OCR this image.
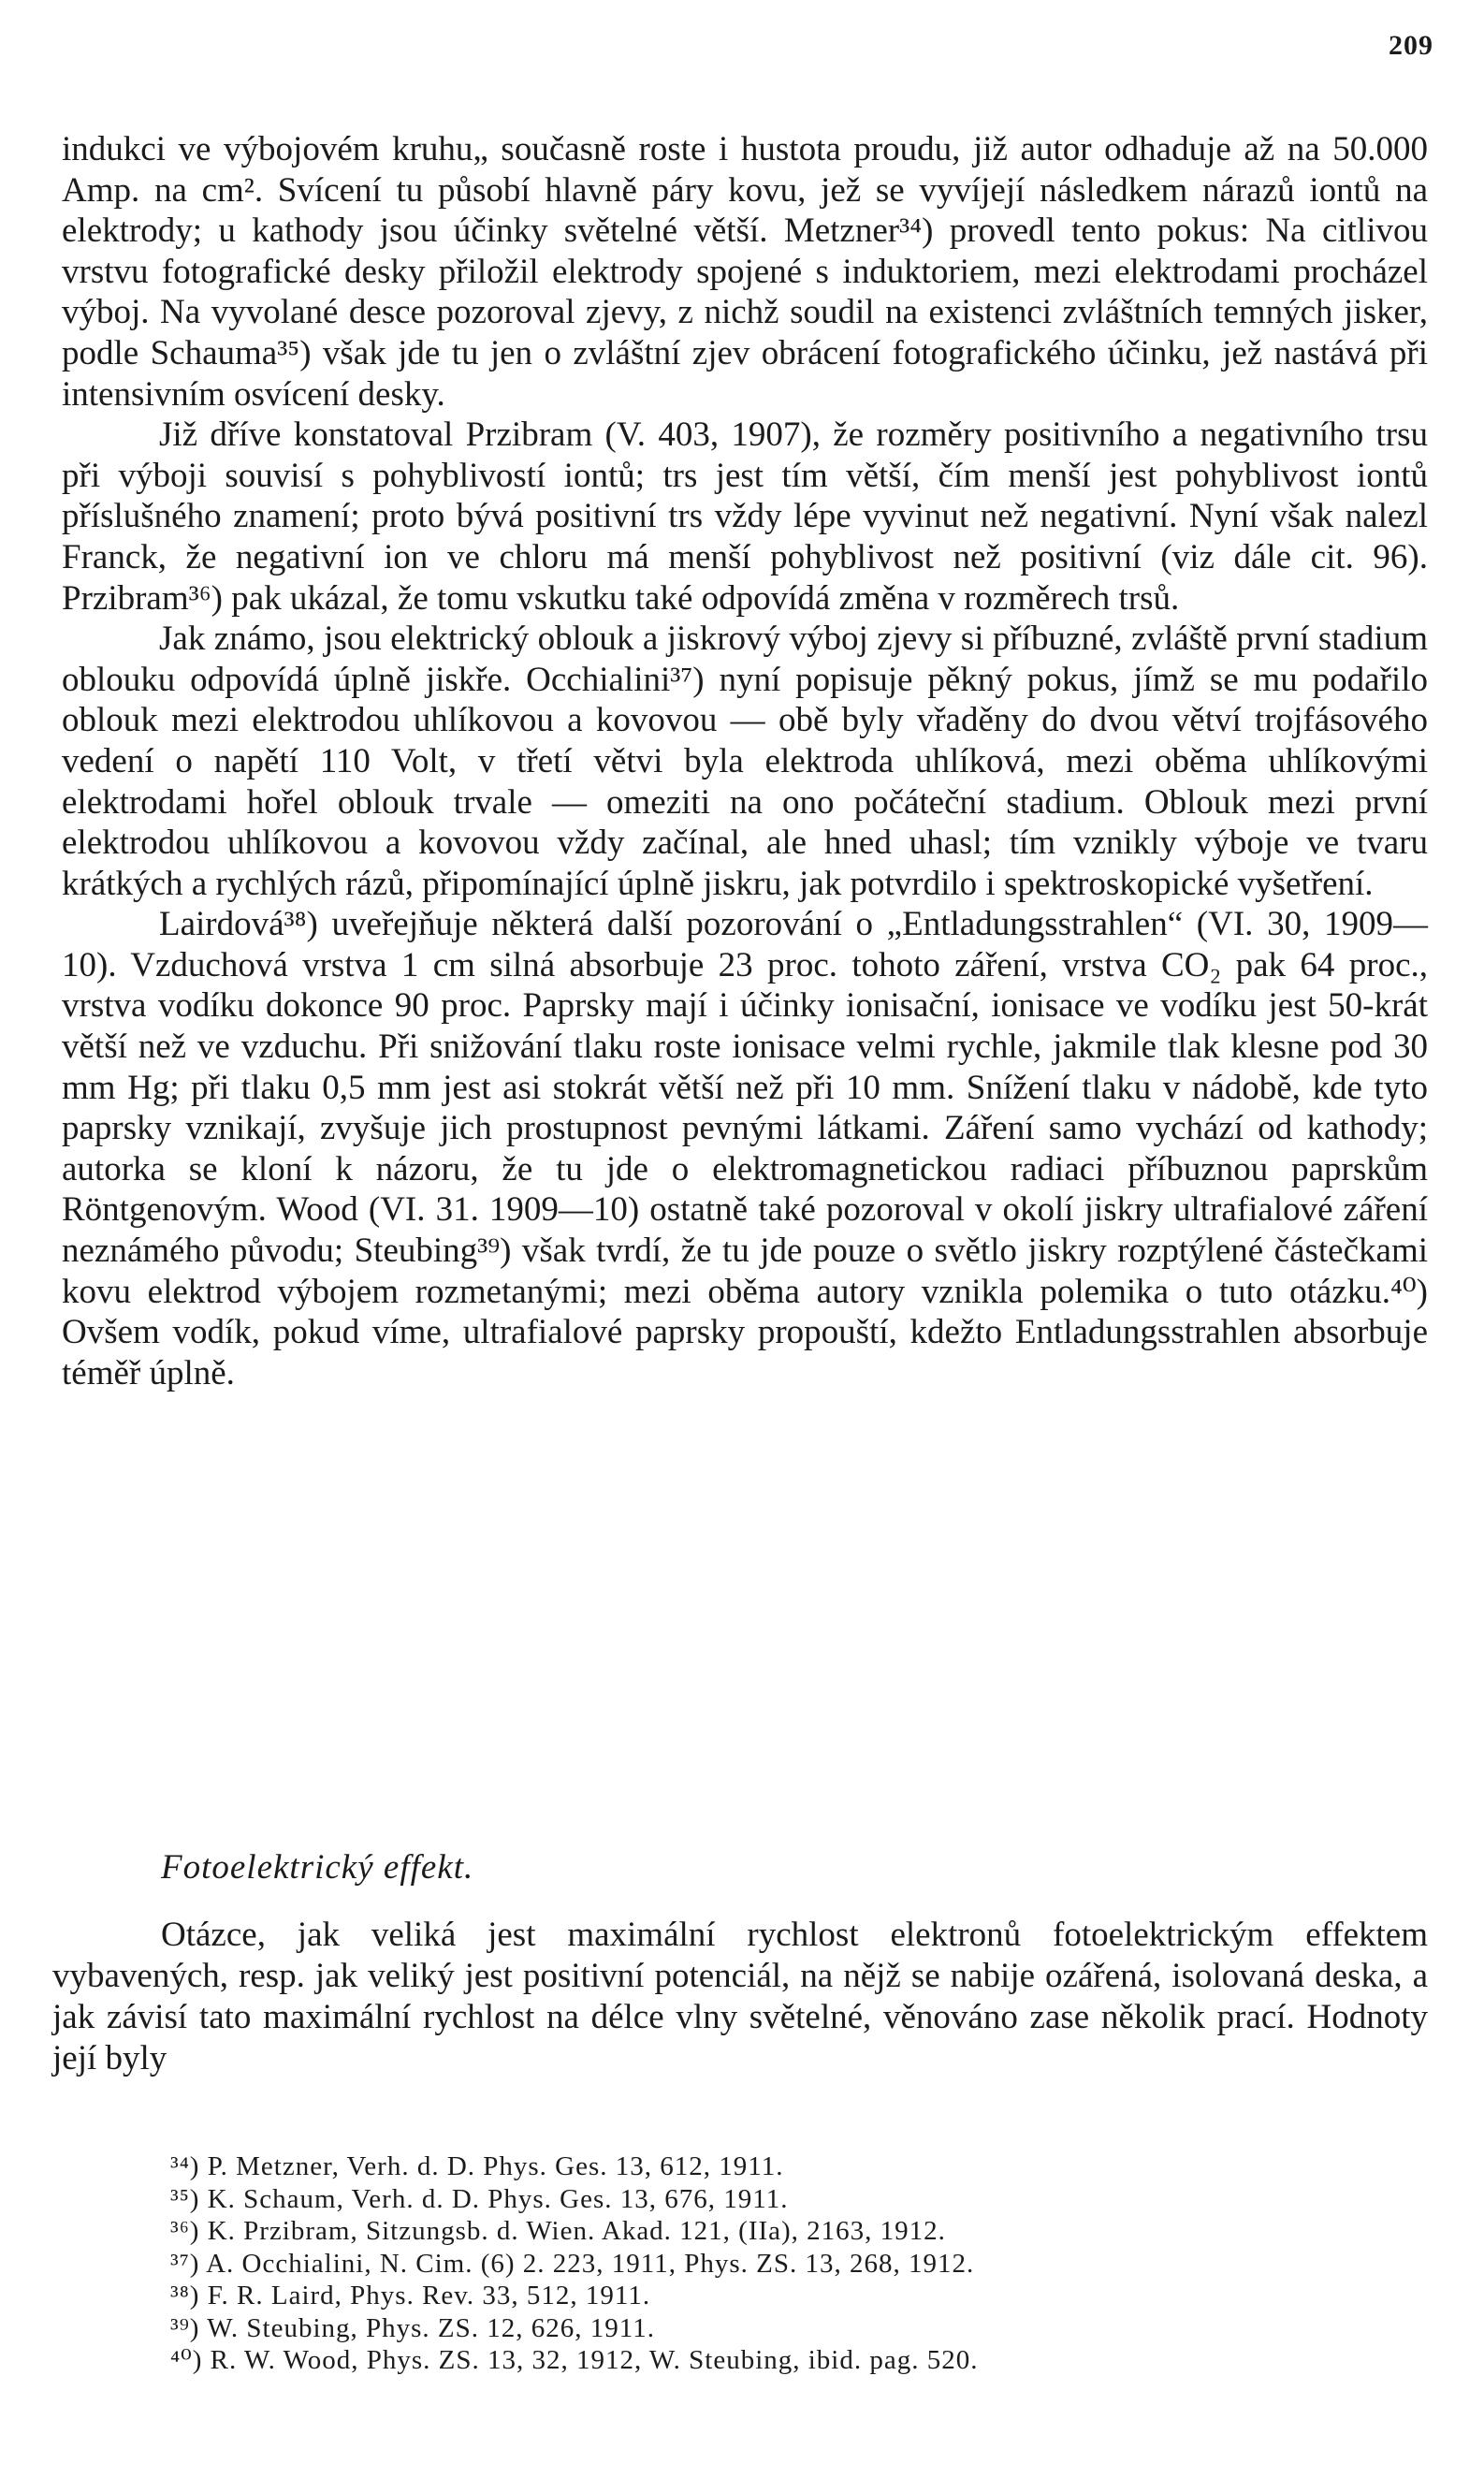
209

indukci ve výbojovém kruhu„ současně roste i hustota proudu, již autor odhaduje až na 50.000 Amp. na cm². Svícení tu působí hlavně páry kovu, jež se vyvíjejí následkem nárazů iontů na elektrody; u kathody jsou účinky světelné větší. Metzner³⁴) provedl tento pokus: Na citlivou vrstvu fotografické desky přiložil elektrody spojené s induktoriem, mezi elektrodami procházel výboj. Na vyvolané desce pozoroval zjevy, z nichž soudil na existenci zvláštních temných jisker, podle Schauma³⁵) však jde tu jen o zvláštní zjev obrácení fotografického účinku, jež nastává při intensivním osvícení desky.

Již dříve konstatoval Przibram (V. 403, 1907), že rozměry positivního a negativního trsu při výboji souvisí s pohyblivostí iontů; trs jest tím větší, čím menší jest pohyblivost iontů příslušného znamení; proto bývá positivní trs vždy lépe vyvinut než negativní. Nyní však nalezl Franck, že negativní ion ve chloru má menší pohyblivost než positivní (viz dále cit. 96). Przibram³⁶) pak ukázal, že tomu vskutku také odpovídá změna v rozměrech trsů.

Jak známo, jsou elektrický oblouk a jiskrový výboj zjevy si příbuzné, zvláště první stadium oblouku odpovídá úplně jiskře. Occhialini³⁷) nyní popisuje pěkný pokus, jímž se mu podařilo oblouk mezi elektrodou uhlíkovou a kovovou — obě byly vřaděny do dvou větví trojfásového vedení o napětí 110 Volt, v třetí větvi byla elektroda uhlíková, mezi oběma uhlíkovými elektrodami hořel oblouk trvale — omeziti na ono počáteční stadium. Oblouk mezi první elektrodou uhlíkovou a kovovou vždy začínal, ale hned uhasl; tím vznikly výboje ve tvaru krátkých a rychlých rázů, připomínající úplně jiskru, jak potvrdilo i spektroskopické vyšetření.

Lairdová³⁸) uveřejňuje některá další pozorování o „Entladungsstrahlen“ (VI. 30, 1909—10). Vzduchová vrstva 1 cm silná absorbuje 23 proc. tohoto záření, vrstva CO₂ pak 64 proc., vrstva vodíku dokonce 90 proc. Paprsky mají i účinky ionisační, ionisace ve vodíku jest 50-krát větší než ve vzduchu. Při snižování tlaku roste ionisace velmi rychle, jakmile tlak klesne pod 30 mm Hg; při tlaku 0,5 mm jest asi stokrát větší než při 10 mm. Snížení tlaku v nádobě, kde tyto paprsky vznikají, zvyšuje jich prostupnost pevnými látkami. Záření samo vychází od kathody; autorka se kloní k názoru, že tu jde o elektromagnetickou radiaci příbuznou paprskům Röntgenovým. Wood (VI. 31. 1909—10) ostatně také pozoroval v okolí jiskry ultrafialové záření neznámého původu; Steubing³⁹) však tvrdí, že tu jde pouze o světlo jiskry rozptýlené částečkami kovu elektrod výbojem rozmetanými; mezi oběma autory vznikla polemika o tuto otázku.⁴⁰) Ovšem vodík, pokud víme, ultrafialové paprsky propouští, kdežto Entladungsstrahlen absorbuje téměř úplně.

Fotoelektrický effekt.

Otázce, jak veliká jest maximální rychlost elektronů fotoelektrickým effektem vybavených, resp. jak veliký jest positivní potenciál, na nějž se nabije ozářená, isolovaná deska, a jak závisí tato maximální rychlost na délce vlny světelné, věnováno zase několik prací. Hodnoty její byly

³⁴) P. Metzner, Verh. d. D. Phys. Ges. 13, 612, 1911.
³⁵) K. Schaum, Verh. d. D. Phys. Ges. 13, 676, 1911.
³⁶) K. Przibram, Sitzungsb. d. Wien. Akad. 121, (IIa), 2163, 1912.
³⁷) A. Occhialini, N. Cim. (6) 2. 223, 1911, Phys. ZS. 13, 268, 1912.
³⁸) F. R. Laird, Phys. Rev. 33, 512, 1911.
³⁹) W. Steubing, Phys. ZS. 12, 626, 1911.
⁴⁰) R. W. Wood, Phys. ZS. 13, 32, 1912, W. Steubing, ibid. pag. 520.
